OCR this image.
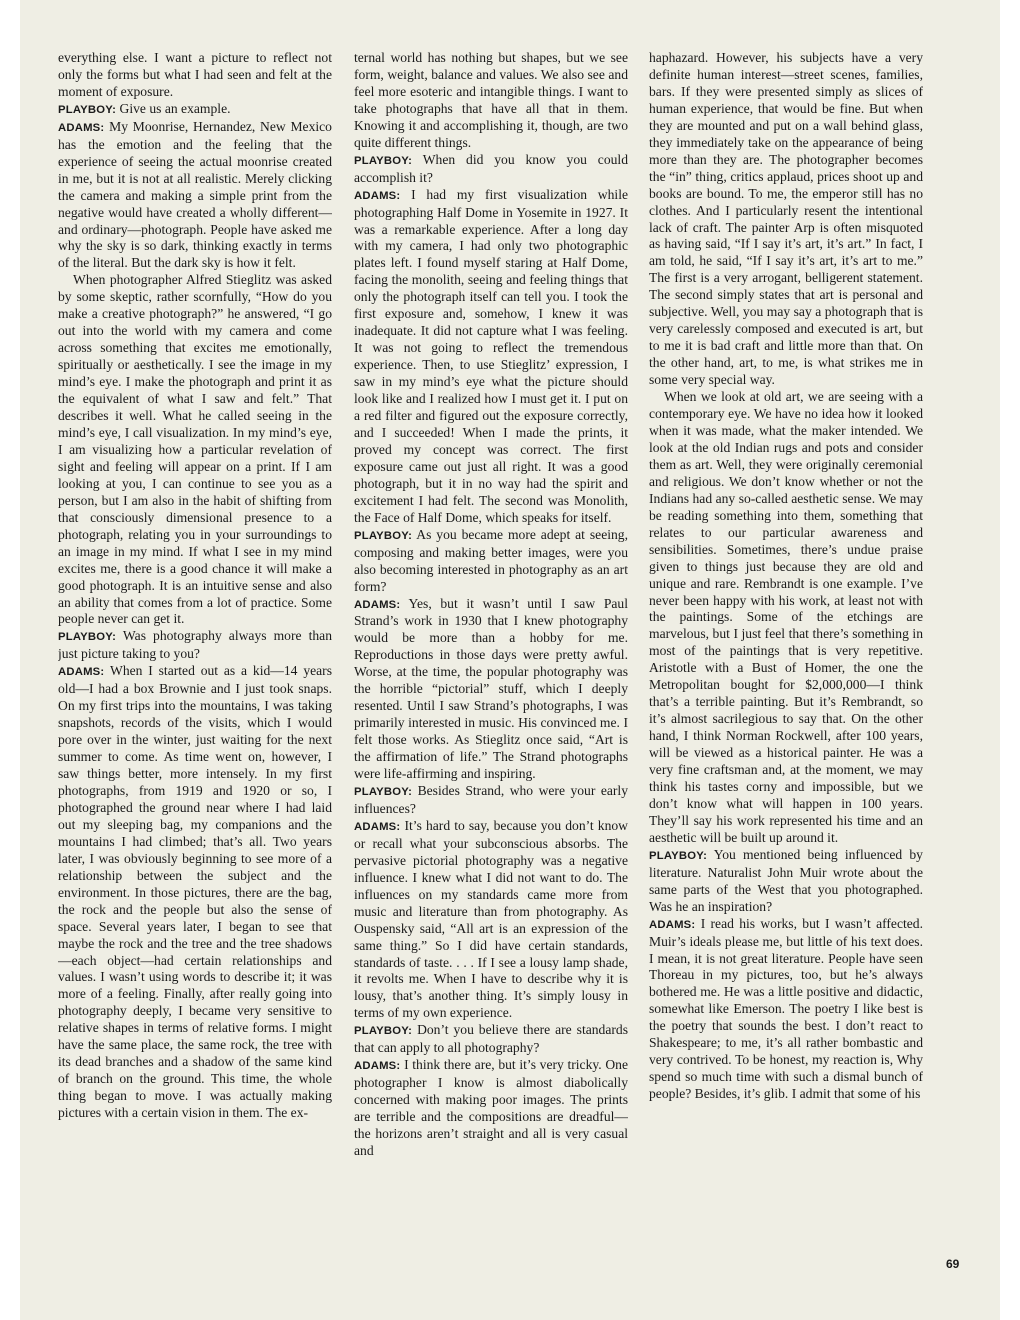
everything else. I want a picture to reflect not only the forms but what I had seen and felt at the moment of exposure.

PLAYBOY: Give us an example.

ADAMS: My Moonrise, Hernandez, New Mexico has the emotion and the feeling that the experience of seeing the actual moonrise created in me, but it is not at all realistic. Merely clicking the camera and making a simple print from the negative would have created a wholly different— and ordinary—photograph. People have asked me why the sky is so dark, thinking exactly in terms of the literal. But the dark sky is how it felt.

When photographer Alfred Stieglitz was asked by some skeptic, rather scornfully, “How do you make a creative photograph?” he answered, “I go out into the world with my camera and come across something that excites me emotionally, spiritually or aesthetically. I see the image in my mind’s eye. I make the photograph and print it as the equivalent of what I saw and felt.” That describes it well. What he called seeing in the mind’s eye, I call visualization. In my mind’s eye, I am visualizing how a particular revelation of sight and feeling will appear on a print. If I am looking at you, I can continue to see you as a person, but I am also in the habit of shifting from that consciously dimensional presence to a photograph, relating you in your surroundings to an image in my mind. If what I see in my mind excites me, there is a good chance it will make a good photograph. It is an intuitive sense and also an ability that comes from a lot of practice. Some people never can get it.

PLAYBOY: Was photography always more than just picture taking to you?

ADAMS: When I started out as a kid—14 years old—I had a box Brownie and I just took snaps. On my first trips into the mountains, I was taking snapshots, records of the visits, which I would pore over in the winter, just waiting for the next summer to come. As time went on, however, I saw things better, more intensely. In my first photographs, from 1919 and 1920 or so, I photographed the ground near where I had laid out my sleeping bag, my companions and the mountains I had climbed; that’s all. Two years later, I was obviously beginning to see more of a relationship between the subject and the environment. In those pictures, there are the bag, the rock and the people but also the sense of space. Several years later, I began to see that maybe the rock and the tree and the tree shadows—each object—had certain relationships and values. I wasn’t using words to describe it; it was more of a feeling. Finally, after really going into photography deeply, I became very sensitive to relative shapes in terms of relative forms. I might have the same place, the same rock, the tree with its dead branches and a shadow of the same kind of branch on the ground. This time, the whole thing began to move. I was actually making pictures with a certain vision in them. The ex-

ternal world has nothing but shapes, but we see form, weight, balance and values. We also see and feel more esoteric and intangible things. I want to take photographs that have all that in them. Knowing it and accomplishing it, though, are two quite different things.

PLAYBOY: When did you know you could accomplish it?

ADAMS: I had my first visualization while photographing Half Dome in Yosemite in 1927. It was a remarkable experience. After a long day with my camera, I had only two photographic plates left. I found myself staring at Half Dome, facing the monolith, seeing and feeling things that only the photograph itself can tell you. I took the first exposure and, somehow, I knew it was inadequate. It did not capture what I was feeling. It was not going to reflect the tremendous experience. Then, to use Stieglitz’ expression, I saw in my mind’s eye what the picture should look like and I realized how I must get it. I put on a red filter and figured out the exposure correctly, and I succeeded! When I made the prints, it proved my concept was correct. The first exposure came out just all right. It was a good photograph, but it in no way had the spirit and excitement I had felt. The second was Monolith, the Face of Half Dome, which speaks for itself.

PLAYBOY: As you became more adept at seeing, composing and making better images, were you also becoming interested in photography as an art form?

ADAMS: Yes, but it wasn’t until I saw Paul Strand’s work in 1930 that I knew photography would be more than a hobby for me. Reproductions in those days were pretty awful. Worse, at the time, the popular photography was the horrible “pictorial” stuff, which I deeply resented. Until I saw Strand’s photographs, I was primarily interested in music. His convinced me. I felt those works. As Stieglitz once said, “Art is the affirmation of life.” The Strand photographs were life-affirming and inspiring.

PLAYBOY: Besides Strand, who were your early influences?

ADAMS: It’s hard to say, because you don’t know or recall what your subconscious absorbs. The pervasive pictorial photography was a negative influence. I knew what I did not want to do. The influences on my standards came more from music and literature than from photography. As Ouspensky said, “All art is an expression of the same thing.” So I did have certain standards, standards of taste. . . . If I see a lousy lamp shade, it revolts me. When I have to describe why it is lousy, that’s another thing. It’s simply lousy in terms of my own experience.

PLAYBOY: Don’t you believe there are standards that can apply to all photography?

ADAMS: I think there are, but it’s very tricky. One photographer I know is almost diabolically concerned with making poor images. The prints are terrible and the compositions are dreadful—the horizons aren’t straight and all is very casual and

haphazard. However, his subjects have a very definite human interest—street scenes, families, bars. If they were presented simply as slices of human experience, that would be fine. But when they are mounted and put on a wall behind glass, they immediately take on the appearance of being more than they are. The photographer becomes the “in” thing, critics applaud, prices shoot up and books are bound. To me, the emperor still has no clothes. And I particularly resent the intentional lack of craft. The painter Arp is often misquoted as having said, “If I say it’s art, it’s art.” In fact, I am told, he said, “If I say it’s art, it’s art to me.” The first is a very arrogant, belligerent statement. The second simply states that art is personal and subjective. Well, you may say a photograph that is very carelessly composed and executed is art, but to me it is bad craft and little more than that. On the other hand, art, to me, is what strikes me in some very special way.

When we look at old art, we are seeing with a contemporary eye. We have no idea how it looked when it was made, what the maker intended. We look at the old Indian rugs and pots and consider them as art. Well, they were originally ceremonial and religious. We don’t know whether or not the Indians had any so-called aesthetic sense. We may be reading something into them, something that relates to our particular awareness and sensibilities. Sometimes, there’s undue praise given to things just because they are old and unique and rare. Rembrandt is one example. I’ve never been happy with his work, at least not with the paintings. Some of the etchings are marvelous, but I just feel that there’s something in most of the paintings that is very repetitive. Aristotle with a Bust of Homer, the one the Metropolitan bought for $2,000,000—I think that’s a terrible painting. But it’s Rembrandt, so it’s almost sacrilegious to say that. On the other hand, I think Norman Rockwell, after 100 years, will be viewed as a historical painter. He was a very fine craftsman and, at the moment, we may think his tastes corny and impossible, but we don’t know what will happen in 100 years. They’ll say his work represented his time and an aesthetic will be built up around it.

PLAYBOY: You mentioned being influenced by literature. Naturalist John Muir wrote about the same parts of the West that you photographed. Was he an inspiration?

ADAMS: I read his works, but I wasn’t affected. Muir’s ideals please me, but little of his text does. I mean, it is not great literature. People have seen Thoreau in my pictures, too, but he’s always bothered me. He was a little positive and didactic, somewhat like Emerson. The poetry I like best is the poetry that sounds the best. I don’t react to Shakespeare; to me, it’s all rather bombastic and very contrived. To be honest, my reaction is, Why spend so much time with such a dismal bunch of people? Besides, it’s glib. I admit that some of his

69
